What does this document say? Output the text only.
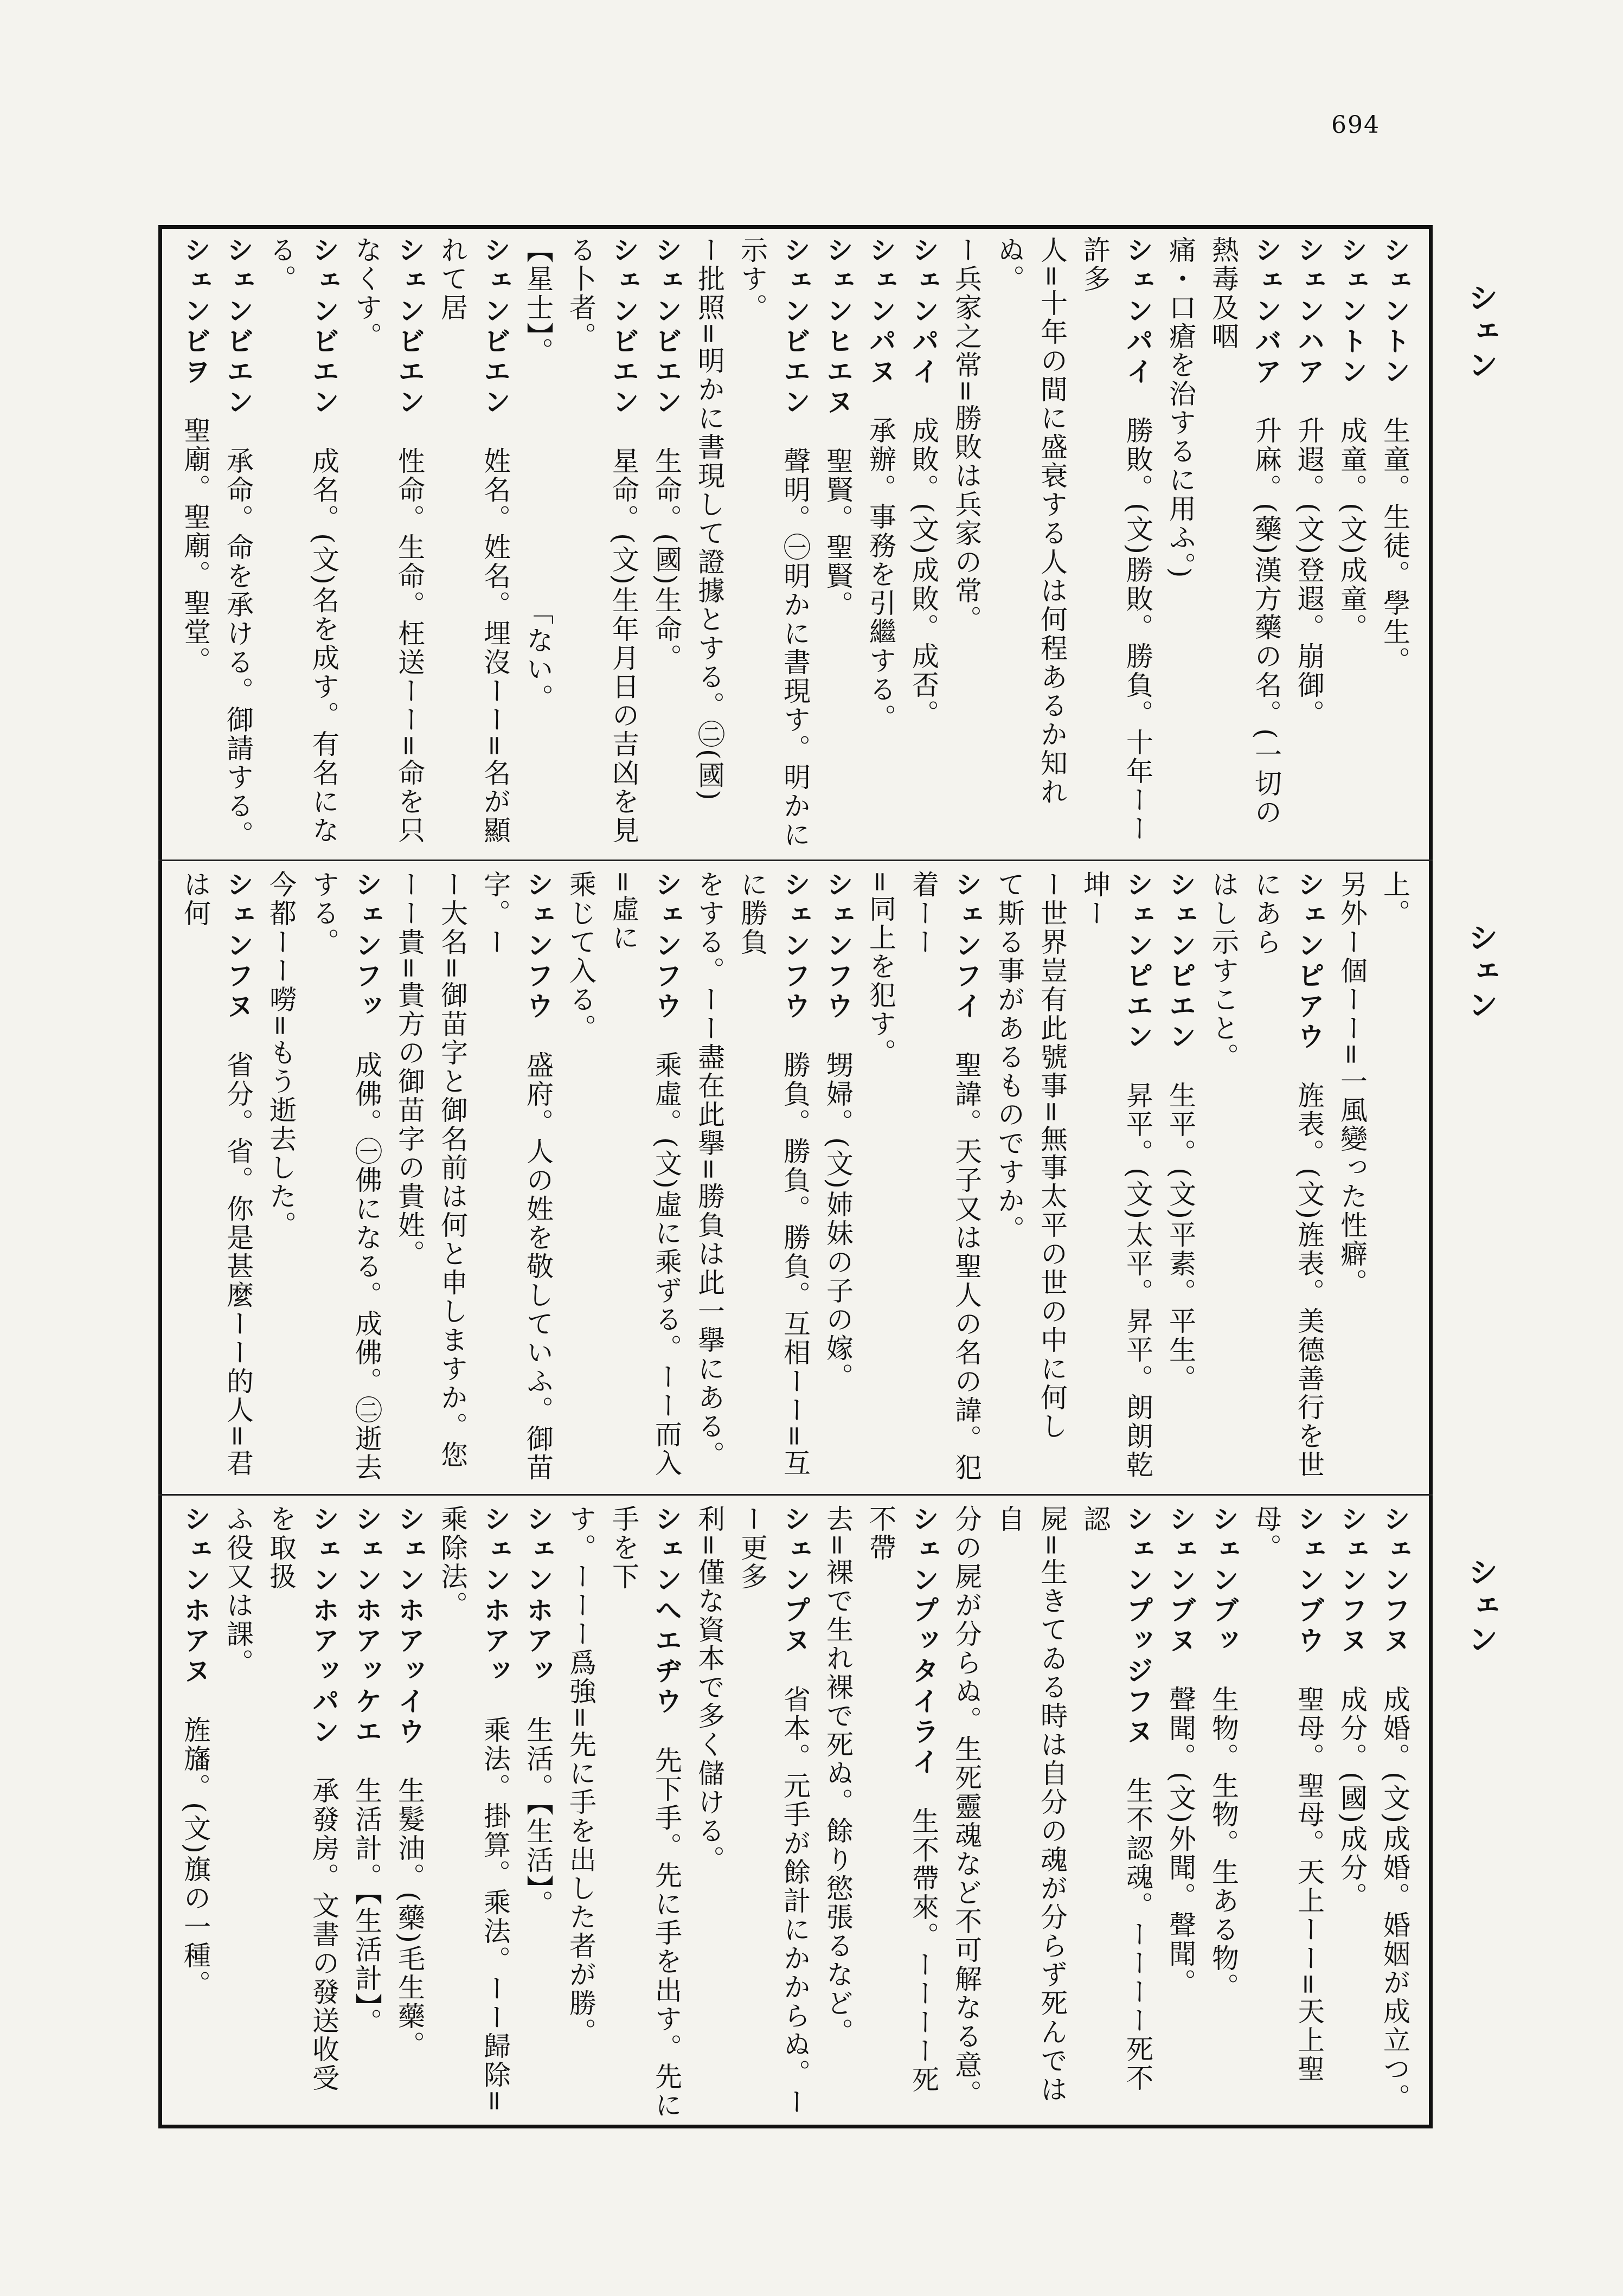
694
シェン
シェン
シェン

シェントン　生童。生徒。學生。
シェントン　成童。(文)成童。
シェンハア　升遐。(文)登遐。崩御。
シェンバア　升麻。(藥)漢方藥の名。(一切の熱毒及咽
痛・口瘡を治するに用ふ。)
シェンパイ　勝敗。(文)勝敗。勝負。十年ーー許多
人=十年の間に盛衰する人は何程あるか知れぬ。
ー兵家之常=勝敗は兵家の常。
シェンパイ　成敗。(文)成敗。成否。
シェンパヌ　承辦。事務を引繼する。
シェンヒエヌ　聖賢。聖賢。
シェンビエン　聲明。㊀明かに書現す。明かに示す。
ー批照=明かに書現して證據とする。㊁(國)
シェンビエン　生命。(國)生命。
シェンビエン　星命。(文)生年月日の吉凶を見る卜者。
【星士】。　　　　　　　　　「ない。
シェンビエン　姓名。姓名。埋沒ーー=名が顯れて居
シェンビエン　性命。生命。枉送ーー=命を只なくす。
シェンビエン　成名。(文)名を成す。有名になる。
シェンビエン　承命。命を承ける。御請する。
シェンビヲ　聖廟。聖廟。聖堂。

　 上。
另外ー個ーー=一風變った性癖。
シェンピアウ　旌表。(文)旌表。美德善行を世にあら
はし示すこと。
シェンピエン　生平。(文)平素。平生。
シェンピエン　昇平。(文)太平。昇平。朗朗乾坤ー
ー世界豈有此號事=無事太平の世の中に何し
て斯る事があるものですか。
シェンフイ　聖諱。天子又は聖人の名の諱。犯着ーー
=同上を犯す。
シェンフウ　甥婦。(文)姉妹の子の嫁。
シェンフウ　勝負。勝負。勝負。互相ーー=互に勝負
をする。ーー盡在此擧=勝負は此一擧にある。
シェンフウ　乘虛。(文)虛に乘ずる。ーー而入=虛に
乘じて入る。
シェンフウ　盛府。人の姓を敬していふ。御苗字。ー
ー大名=御苗字と御名前は何と申しますか。您
ーー貴=貴方の御苗字の貴姓。
シェンフッ　成佛。㊀佛になる。成佛。㊁逝去する。
今都ーー嘮=もう逝去した。
シェンフヌ　省分。省。你是甚麼ーー的人=君は何

シェンフヌ　成婚。(文)成婚。婚姻が成立つ。
シェンフヌ　成分。(國)成分。
シェンブウ　聖母。聖母。天上ーー=天上聖母。
シェンブッ　生物。生物。生ある物。
シェンブヌ　聲聞。(文)外聞。聲聞。
シェンプッジフヌ　生不認魂。ーーーー死不認
屍=生きてゐる時は自分の魂が分らず死んでは自
分の屍が分らぬ。生死靈魂など不可解なる意。
シェンプッタイライ　生不帶來。ーーーー死不帶
去=裸で生れ裸で死ぬ。餘り慾張るなど。
シェンプヌ　省本。元手が餘計にかからぬ。ーー更多
利=僅な資本で多く儲ける。
シェンへエヂウ　先下手。先に手を出す。先に手を下
す。ーーー爲強=先に手を出した者が勝。
シェンホアッ　生活。【生活】。
シェンホアッ　乘法。掛算。乘法。ーー歸除=乘除法。
シェンホアッイウ　生髮油。(藥)毛生藥。
シェンホアッケエ　生活計。【生活計】。
シェンホアッパン　承發房。文書の發送收受を取扱
ふ役又は課。
シェンホアヌ　旌旛。(文)旗の一種。
